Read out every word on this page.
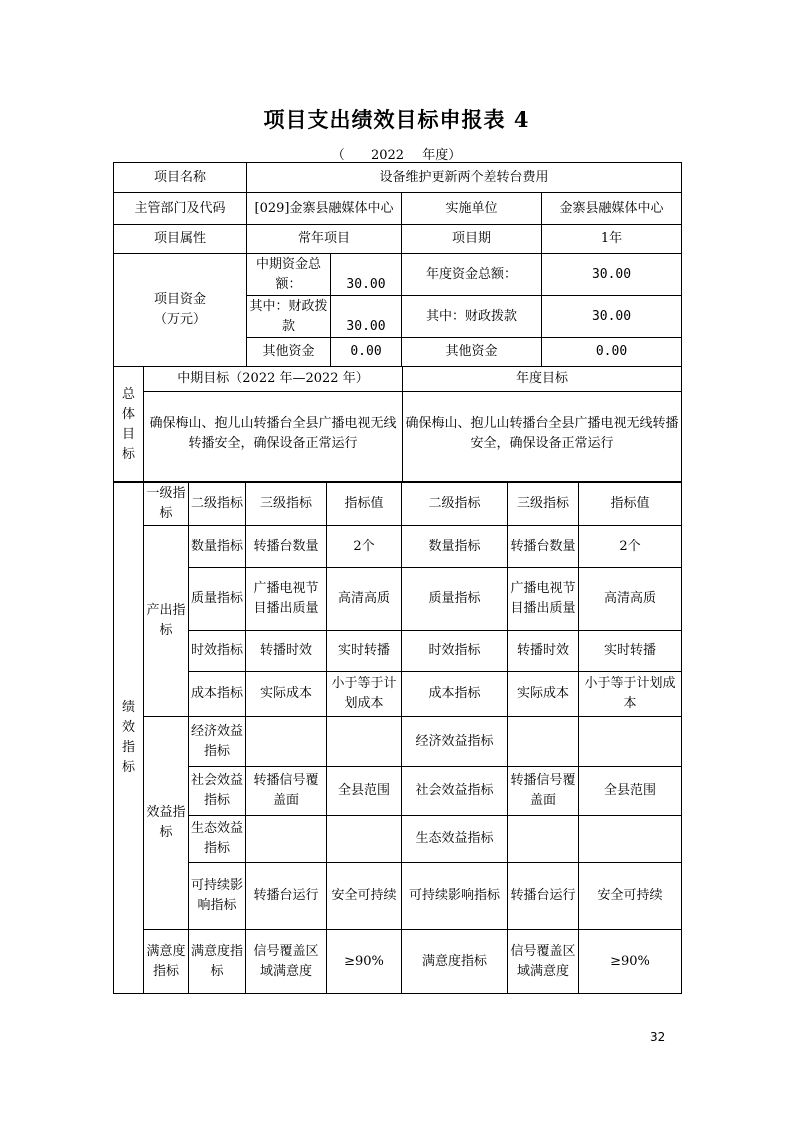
项目支出绩效目标申报表 4
（ 2022 年度）
项目名称	设备维护更新两个差转台费用			
主管部门及代码	[029]金寨县融媒体中心		实施单位	金寨县融媒体中心
项目属性	常年项目		项目期	1年
项目资金（万元）	中期资金总额：	30.00	年度资金总额：	30.00
	其中：财政拨款	30.00	其中：财政拨款	30.00
	其他资金	0.00	其他资金	0.00
总体目标	中期目标（2022 年—2022 年）	年度目标
	确保梅山、抱儿山转播台全县广播电视无线转播安全，确保设备正常运行	确保梅山、抱儿山转播台全县广播电视无线转播安全，确保设备正常运行
绩效指标	一级指标	二级指标	三级指标	指标值	二级指标	三级指标	指标值
	产出指标	数量指标	转播台数量	2个	数量指标	转播台数量	2个
		质量指标	广播电视节目播出质量	高清高质	质量指标	广播电视节目播出质量	高清高质
		时效指标	转播时效	实时转播	时效指标	转播时效	实时转播
		成本指标	实际成本	小于等于计划成本	成本指标	实际成本	小于等于计划成本
	效益指标	经济效益指标			经济效益指标		
		社会效益指标	转播信号覆盖面	全县范围	社会效益指标	转播信号覆盖面	全县范围
		生态效益指标			生态效益指标		
		可持续影响指标	转播台运行	安全可持续	可持续影响指标	转播台运行	安全可持续
	满意度指标	满意度指标	信号覆盖区域满意度	≥90%	满意度指标	信号覆盖区域满意度	≥90%
32
